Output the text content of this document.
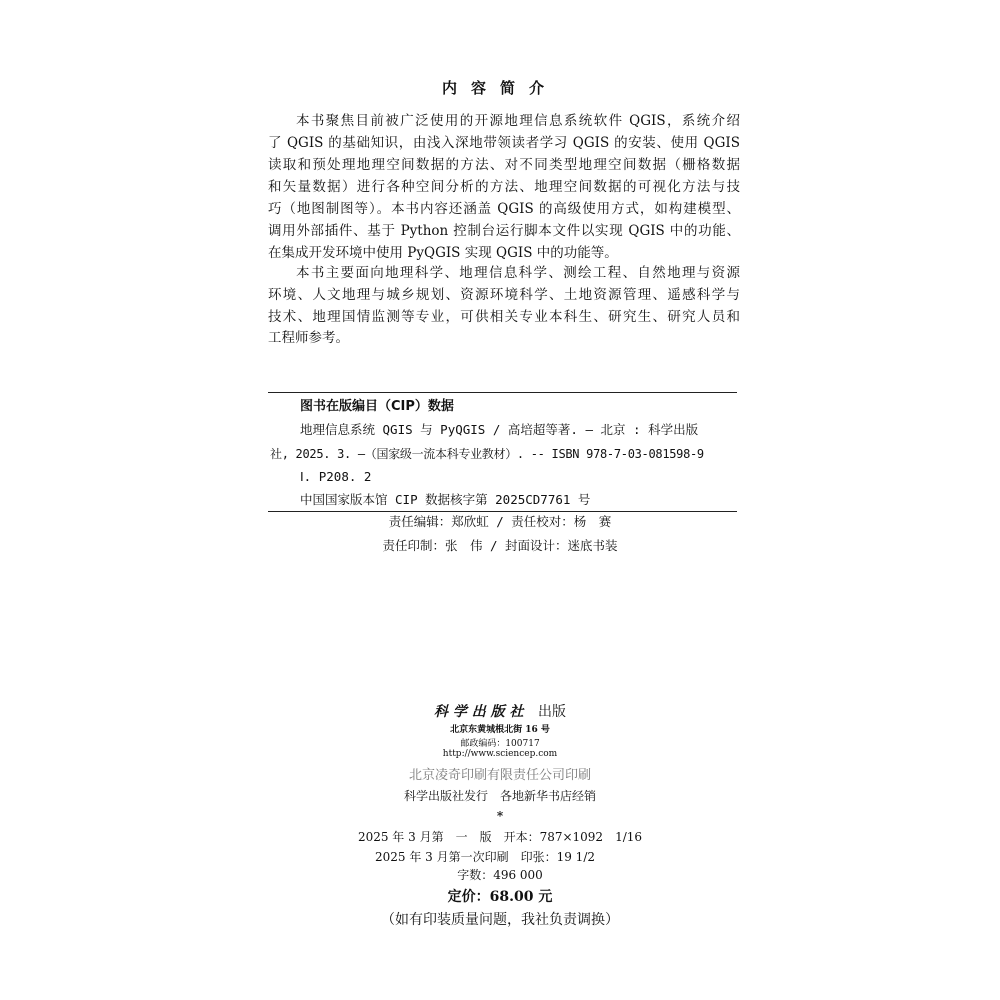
内容简介
本书聚焦目前被广泛使用的开源地理信息系统软件 QGIS，系统介绍
了 QGIS 的基础知识，由浅入深地带领读者学习 QGIS 的安装、使用 QGIS
读取和预处理地理空间数据的方法、对不同类型地理空间数据（栅格数据
和矢量数据）进行各种空间分析的方法、地理空间数据的可视化方法与技
巧（地图制图等）。本书内容还涵盖 QGIS 的高级使用方式，如构建模型、
调用外部插件、基于 Python 控制台运行脚本文件以实现 QGIS 中的功能、
在集成开发环境中使用 PyQGIS 实现 QGIS 中的功能等。
本书主要面向地理科学、地理信息科学、测绘工程、自然地理与资源
环境、人文地理与城乡规划、资源环境科学、土地资源管理、遥感科学与
技术、地理国情监测等专业，可供相关专业本科生、研究生、研究人员和
工程师参考。
图书在版编目（CIP）数据
地理信息系统 QGIS 与 PyQGIS / 高培超等著. — 北京 : 科学出版
社, 2025. 3. —（国家级一流本科专业教材）. -- ISBN 978-7-03-081598-9
Ⅰ. P208. 2
中国国家版本馆 CIP 数据核字第 2025CD7761 号
责任编辑：郑欣虹 / 责任校对：杨　赛
责任印制：张　伟 / 封面设计：迷底书装
科 学 出 版 社 出版
北京东黄城根北街 16 号
邮政编码：100717
http://www.sciencep.com
北京凌奇印刷有限责任公司印刷
科学出版社发行　各地新华书店经销
*
2025 年 3 月第　一　版　开本：787×1092　1/16
2025 年 3 月第一次印刷　印张：19 1/2
字数：496 000
定价：68.00 元
（如有印装质量问题，我社负责调换）
